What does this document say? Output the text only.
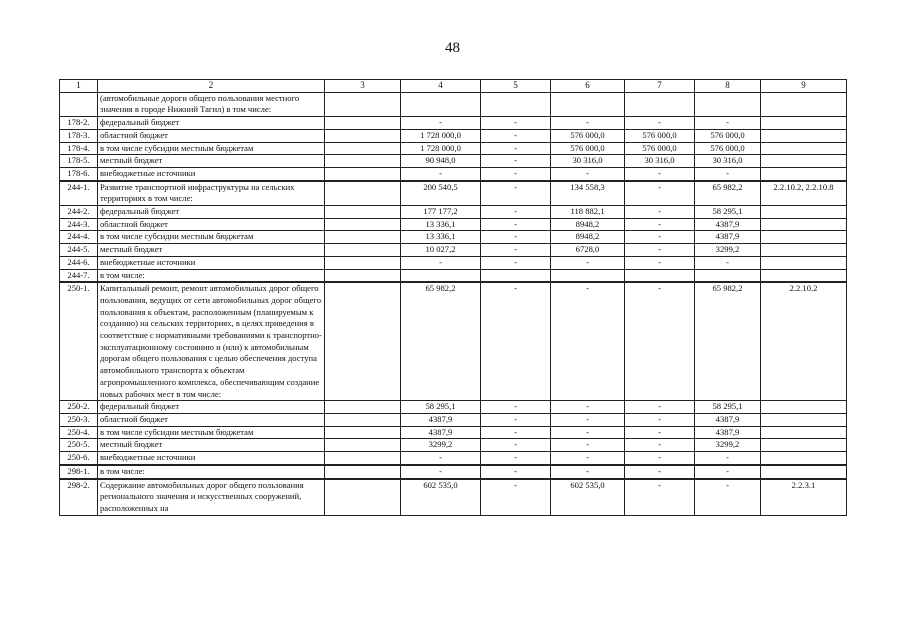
48
1	2	3	4	5	6	7	8	9
	(автомобильные дороги общего пользования местного значения в городе Нижний Тагил) в том числе:							
178-2.	федеральный бюджет		-	-	-	-	-	
178-3.	областной бюджет		1 728 000,0	-	576 000,0	576 000,0	576 000,0	
178-4.	в том числе субсидии местным бюджетам		1 728 000,0	-	576 000,0	576 000,0	576 000,0	
178-5.	местный бюджет		90 948,0	-	30 316,0	30 316,0	30 316,0	
178-6.	внебюджетные источники		-	-	-	-	-	
244-1.	Развитие транспортной инфраструктуры на сельских территориях в том числе:		200 540,5	-	134 558,3	-	65 982,2	2.2.10.2, 2.2.10.8
244-2.	федеральный бюджет		177 177,2	-	118 882,1	-	58 295,1	
244-3.	областной бюджет		13 336,1	-	8948,2	-	4387,9	
244-4.	в том числе субсидии местным бюджетам		13 336,1	-	8948,2	-	4387,9	
244-5.	местный бюджет		10 027,2	-	6728,0	-	3299,2	
244-6.	внебюджетные источники		-	-	-	-	-	
244-7.	в том числе:							
250-1.	Капитальный ремонт, ремонт автомобильных дорог общего пользования, ведущих от сети автомобильных дорог общего пользования к объектам, расположенным (планируемым к созданию) на сельских территориях, в целях приведения в соответствие с нормативными требованиями к транспортно-эксплуатационному состоянию и (или) к автомобильным дорогам общего пользования с целью обеспечения доступа автомобильного транспорта к объектам агропромышленного комплекса, обеспечивающим создание новых рабочих мест в том числе:		65 982,2	-	-	-	65 982,2	2.2.10.2
250-2.	федеральный бюджет		58 295,1	-	-	-	58 295,1	
250-3.	областной бюджет		4387,9	-	-	-	4387,9	
250-4.	в том числе субсидии местным бюджетам		4387,9	-	-	-	4387,9	
250-5.	местный бюджет		3299,2	-	-	-	3299,2	
250-6.	внебюджетные источники		-	-	-	-	-	
298-1.	в том числе:		-	-	-	-	-	
298-2.	Содержание автомобильных дорог общего пользования регионального значения и искусственных сооружений, расположенных на		602 535,0	-	602 535,0	-	-	2.2.3.1
